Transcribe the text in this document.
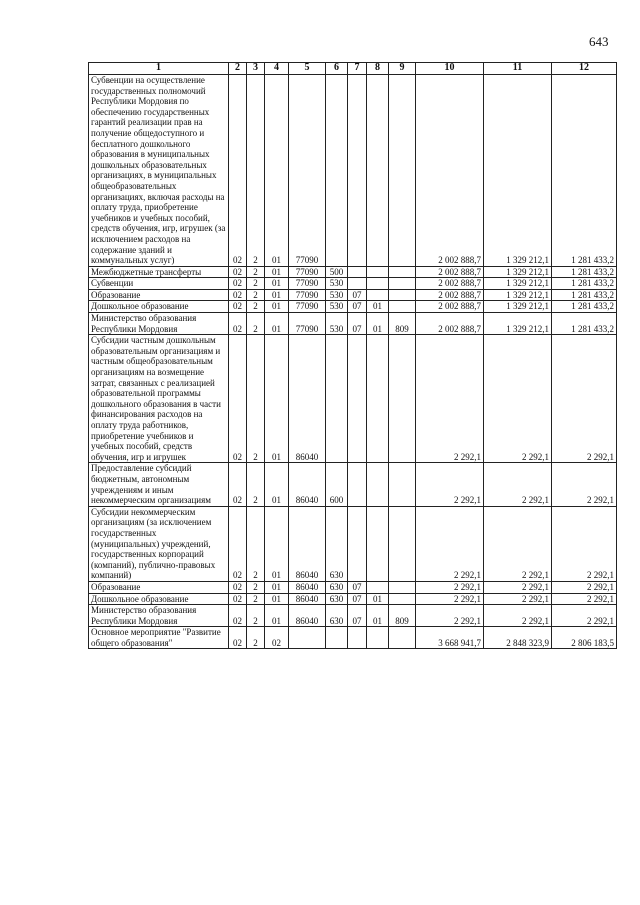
643
1	2	3	4	5	6	7	8	9	10	11	12
Субвенции на осуществление государственных полномочий Республики Мордовия по обеспечению государственных гарантий реализации прав на получение общедоступного и бесплатного дошкольного образования в муниципальных дошкольных образовательных организациях, в муниципальных общеобразовательных организациях, включая расходы на оплату труда, приобретение учебников и учебных пособий, средств обучения, игр, игрушек (за исключением расходов на содержание зданий и коммунальных услуг)	02	2	01	77090					2 002 888,7	1 329 212,1	1 281 433,2
Межбюджетные трансферты	02	2	01	77090	500				2 002 888,7	1 329 212,1	1 281 433,2
Субвенции	02	2	01	77090	530				2 002 888,7	1 329 212,1	1 281 433,2
Образование	02	2	01	77090	530	07			2 002 888,7	1 329 212,1	1 281 433,2
Дошкольное образование	02	2	01	77090	530	07	01		2 002 888,7	1 329 212,1	1 281 433,2
Министерство образования Республики Мордовия	02	2	01	77090	530	07	01	809	2 002 888,7	1 329 212,1	1 281 433,2
Субсидии частным дошкольным образовательным организациям и частным общеобразовательным организациям на возмещение затрат, связанных с реализацией образовательной программы дошкольного образования в части финансирования расходов на оплату труда работников, приобретение учебников и учебных пособий, средств обучения, игр и игрушек	02	2	01	86040					2 292,1	2 292,1	2 292,1
Предоставление субсидий бюджетным, автономным учреждениям и иным некоммерческим организациям	02	2	01	86040	600				2 292,1	2 292,1	2 292,1
Субсидии некоммерческим организациям (за исключением государственных (муниципальных) учреждений, государственных корпораций (компаний), публично-правовых компаний)	02	2	01	86040	630				2 292,1	2 292,1	2 292,1
Образование	02	2	01	86040	630	07			2 292,1	2 292,1	2 292,1
Дошкольное образование	02	2	01	86040	630	07	01		2 292,1	2 292,1	2 292,1
Министерство образования Республики Мордовия	02	2	01	86040	630	07	01	809	2 292,1	2 292,1	2 292,1
Основное мероприятие "Развитие общего образования"	02	2	02						3 668 941,7	2 848 323,9	2 806 183,5
